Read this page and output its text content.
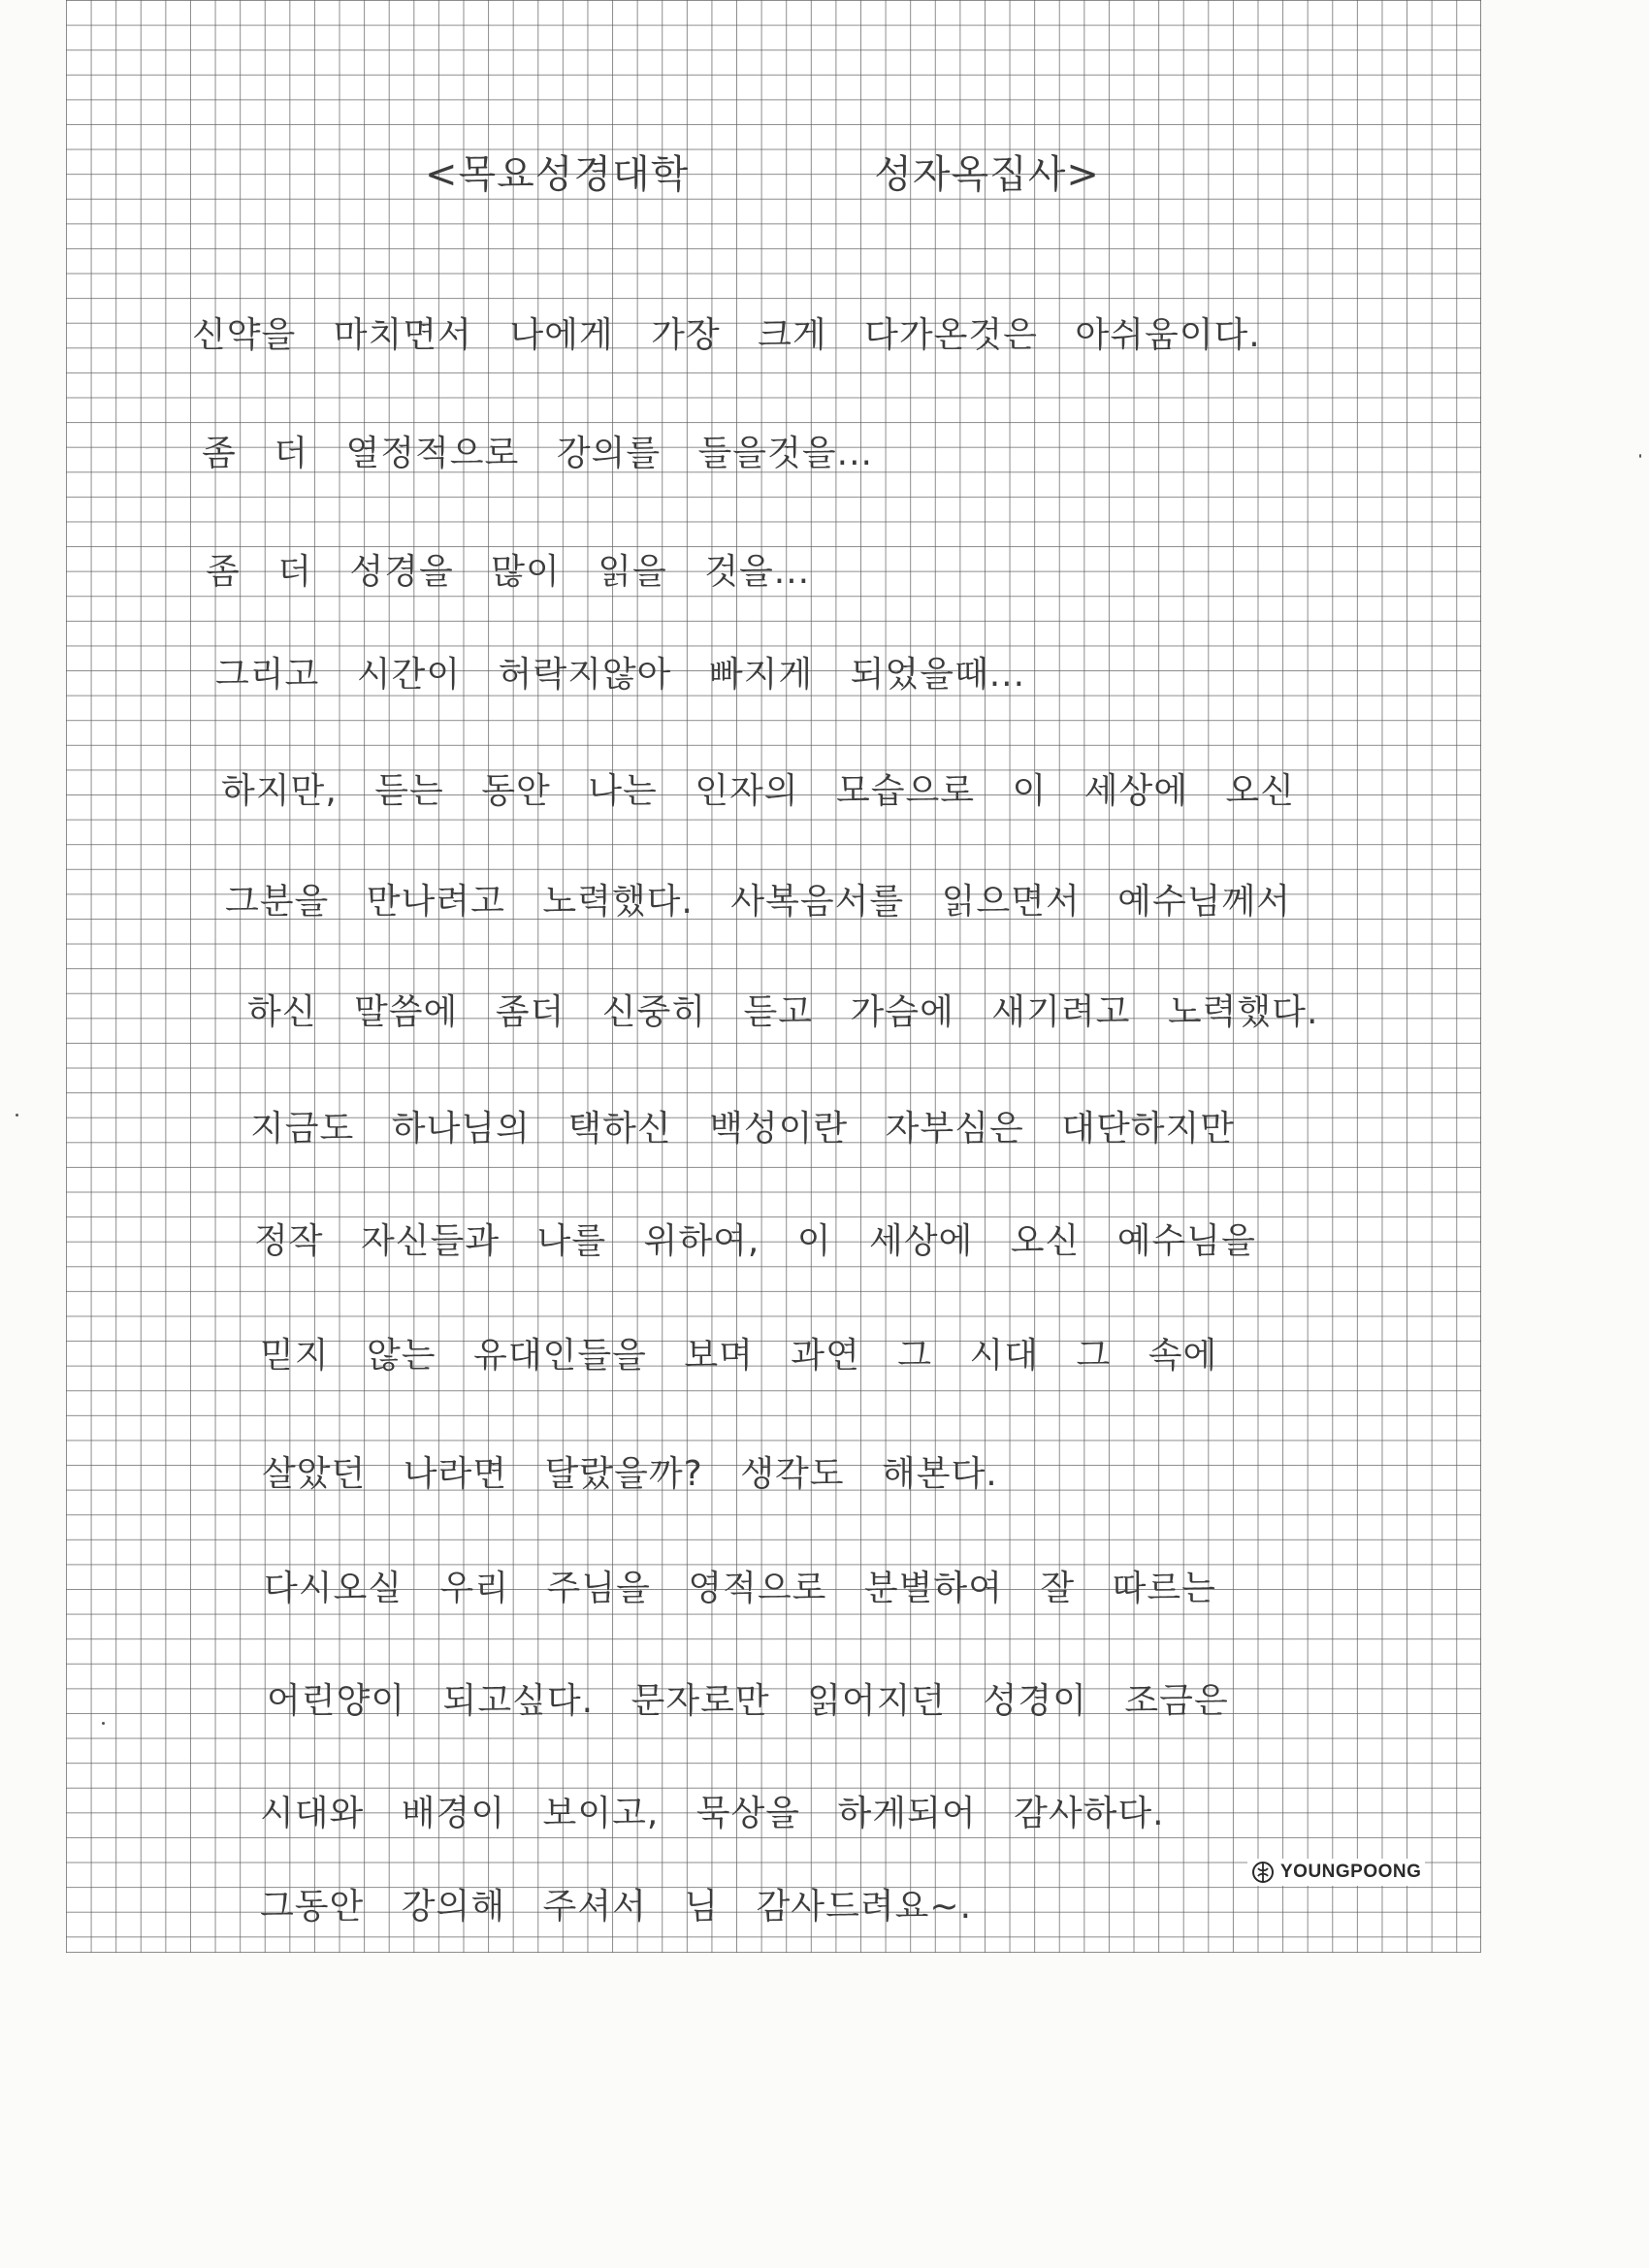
<목요성경대학    성자옥집사>

신약을 마치면서 나에게 가장 크게 다가온것은 아쉬움이다.

좀 더 열정적으로 강의를 들을것을...

좀 더 성경을 많이 읽을 것을...

그리고 시간이 허락지않아 빠지게 되었을때...

하지만, 듣는 동안 나는 인자의 모습으로 이 세상에 오신

그분을 만나려고 노력했다. 사복음서를 읽으면서 예수님께서

하신 말씀에 좀더 신중히 듣고 가슴에 새기려고 노력했다.

지금도 하나님의 택하신 백성이란 자부심은 대단하지만

정작 자신들과 나를 위하여, 이 세상에 오신 예수님을

믿지 않는 유대인들을 보며 과연 그 시대 그 속에

살았던 나라면 달랐을까? 생각도 해본다.

다시오실 우리 주님을 영적으로 분별하여 잘 따르는

어린양이 되고싶다. 문자로만 읽어지던 성경이 조금은

시대와 배경이 보이고, 묵상을 하게되어 감사하다.

그동안 강의해 주셔서 님 감사드려요~.

YOUNGPOONG
